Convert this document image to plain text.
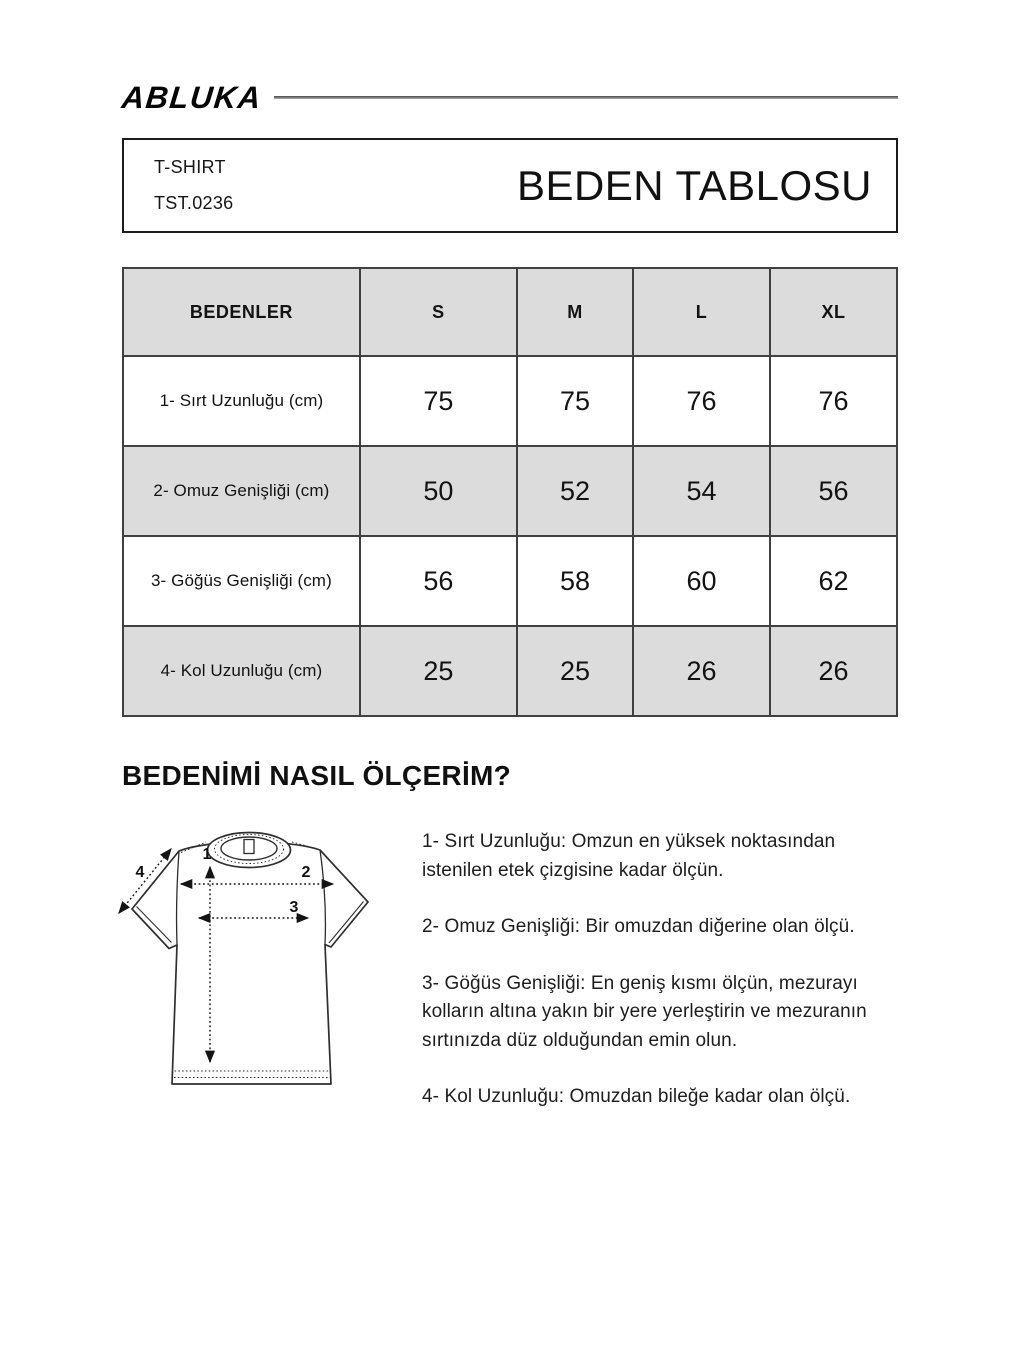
ABLUKA
T-SHIRT
TST.0236	BEDEN TABLOSU
BEDENLER	S	M	L	XL
1- Sırt Uzunluğu (cm)	75	75	76	76
2- Omuz Genişliği (cm)	50	52	54	56
3- Göğüs Genişliği (cm)	56	58	60	62
4- Kol Uzunluğu (cm)	25	25	26	26
BEDENİMİ NASIL ÖLÇERİM?
1
2
3
4

1- Sırt Uzunluğu: Omzun en yüksek noktasından istenilen etek çizgisine kadar ölçün.

2- Omuz Genişliği: Bir omuzdan diğerine olan ölçü.

3- Göğüs Genişliği: En geniş kısmı ölçün, mezurayı kolların altına yakın bir yere yerleştirin ve mezuranın sırtınızda düz olduğundan emin olun.

4- Kol Uzunluğu: Omuzdan bileğe kadar olan ölçü.
